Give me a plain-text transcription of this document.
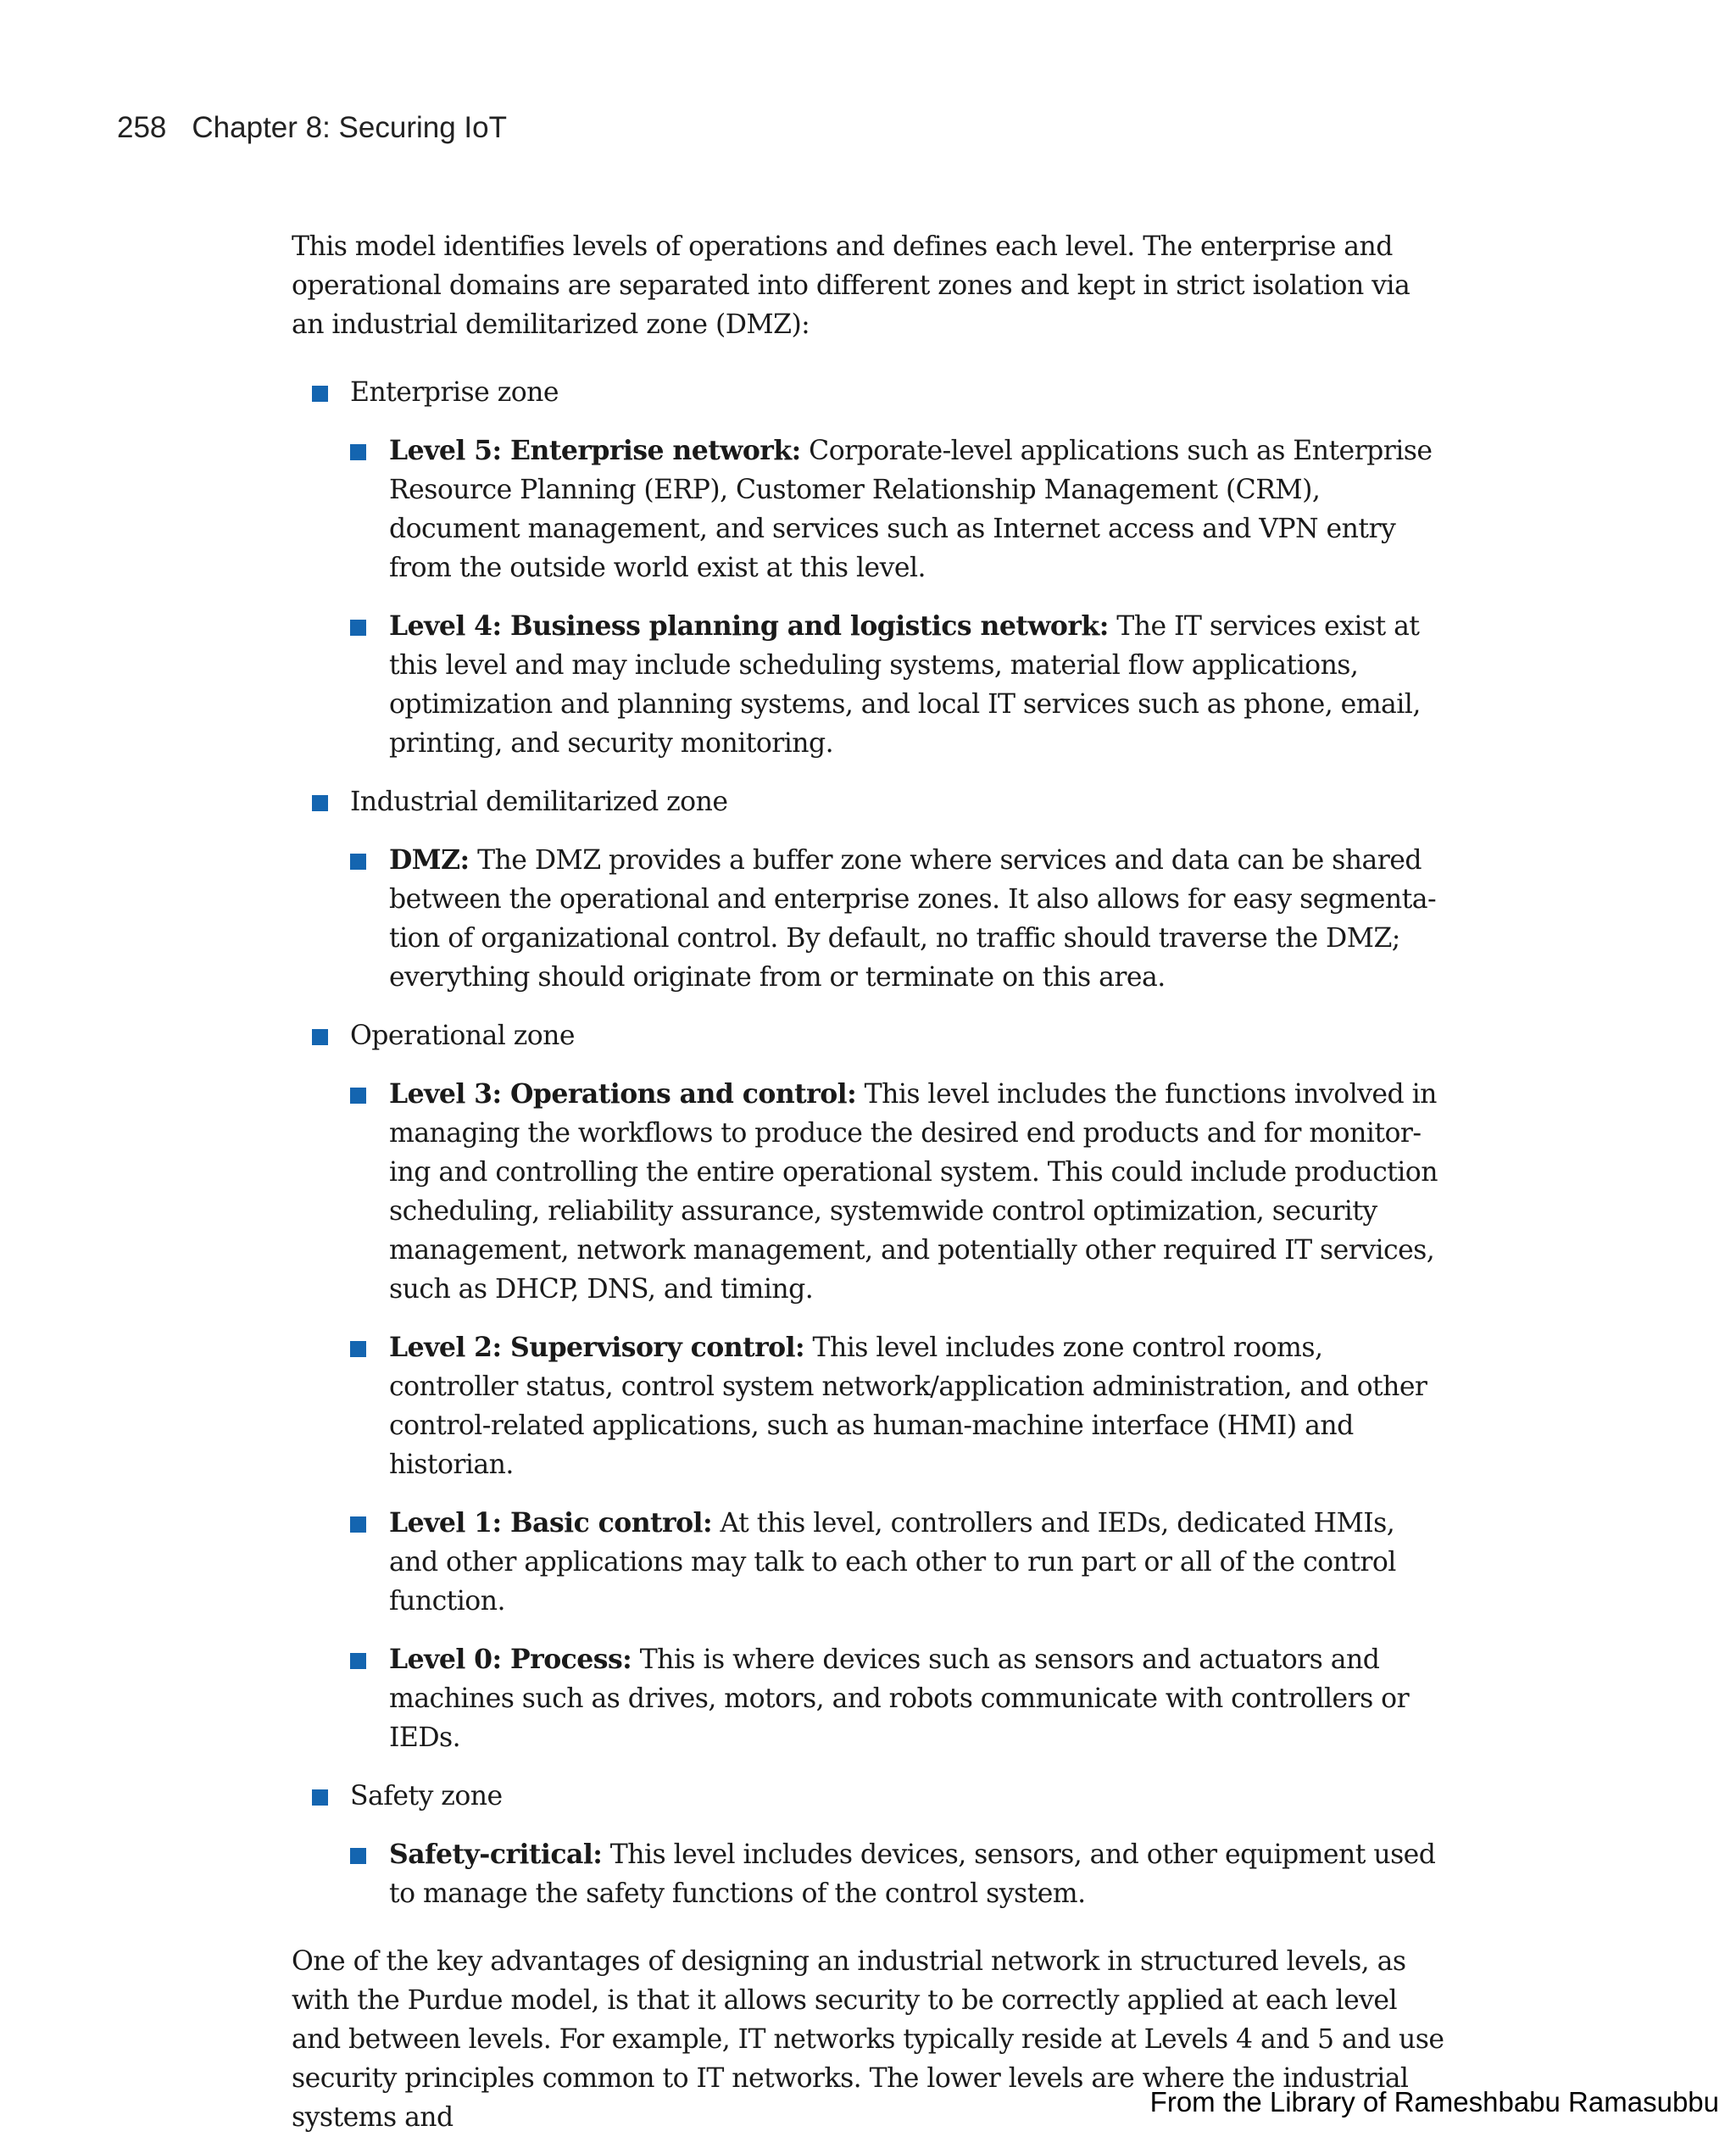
258 Chapter 8: Securing IoT

This model identifies levels of operations and defines each level. The enterprise and operational domains are separated into different zones and kept in strict isolation via an industrial demilitarized zone (DMZ):

Enterprise zone
Level 5: Enterprise network: Corporate-level applications such as Enterprise Resource Planning (ERP), Customer Relationship Management (CRM), document management, and services such as Internet access and VPN entry from the outside world exist at this level.
Level 4: Business planning and logistics network: The IT services exist at this level and may include scheduling systems, material flow applications, optimization and planning systems, and local IT services such as phone, email, printing, and security monitoring.
Industrial demilitarized zone
DMZ: The DMZ provides a buffer zone where services and data can be shared between the operational and enterprise zones. It also allows for easy segmentation of organizational control. By default, no traffic should traverse the DMZ; everything should originate from or terminate on this area.
Operational zone
Level 3: Operations and control: This level includes the functions involved in managing the workflows to produce the desired end products and for monitoring and controlling the entire operational system. This could include production scheduling, reliability assurance, systemwide control optimization, security management, network management, and potentially other required IT services, such as DHCP, DNS, and timing.
Level 2: Supervisory control: This level includes zone control rooms, controller status, control system network/application administration, and other control-related applications, such as human-machine interface (HMI) and historian.
Level 1: Basic control: At this level, controllers and IEDs, dedicated HMIs, and other applications may talk to each other to run part or all of the control function.
Level 0: Process: This is where devices such as sensors and actuators and machines such as drives, motors, and robots communicate with controllers or IEDs.
Safety zone
Safety-critical: This level includes devices, sensors, and other equipment used to manage the safety functions of the control system.

One of the key advantages of designing an industrial network in structured levels, as with the Purdue model, is that it allows security to be correctly applied at each level and between levels. For example, IT networks typically reside at Levels 4 and 5 and use security principles common to IT networks. The lower levels are where the industrial systems and	From the Library of Rameshbabu Ramasubbu
